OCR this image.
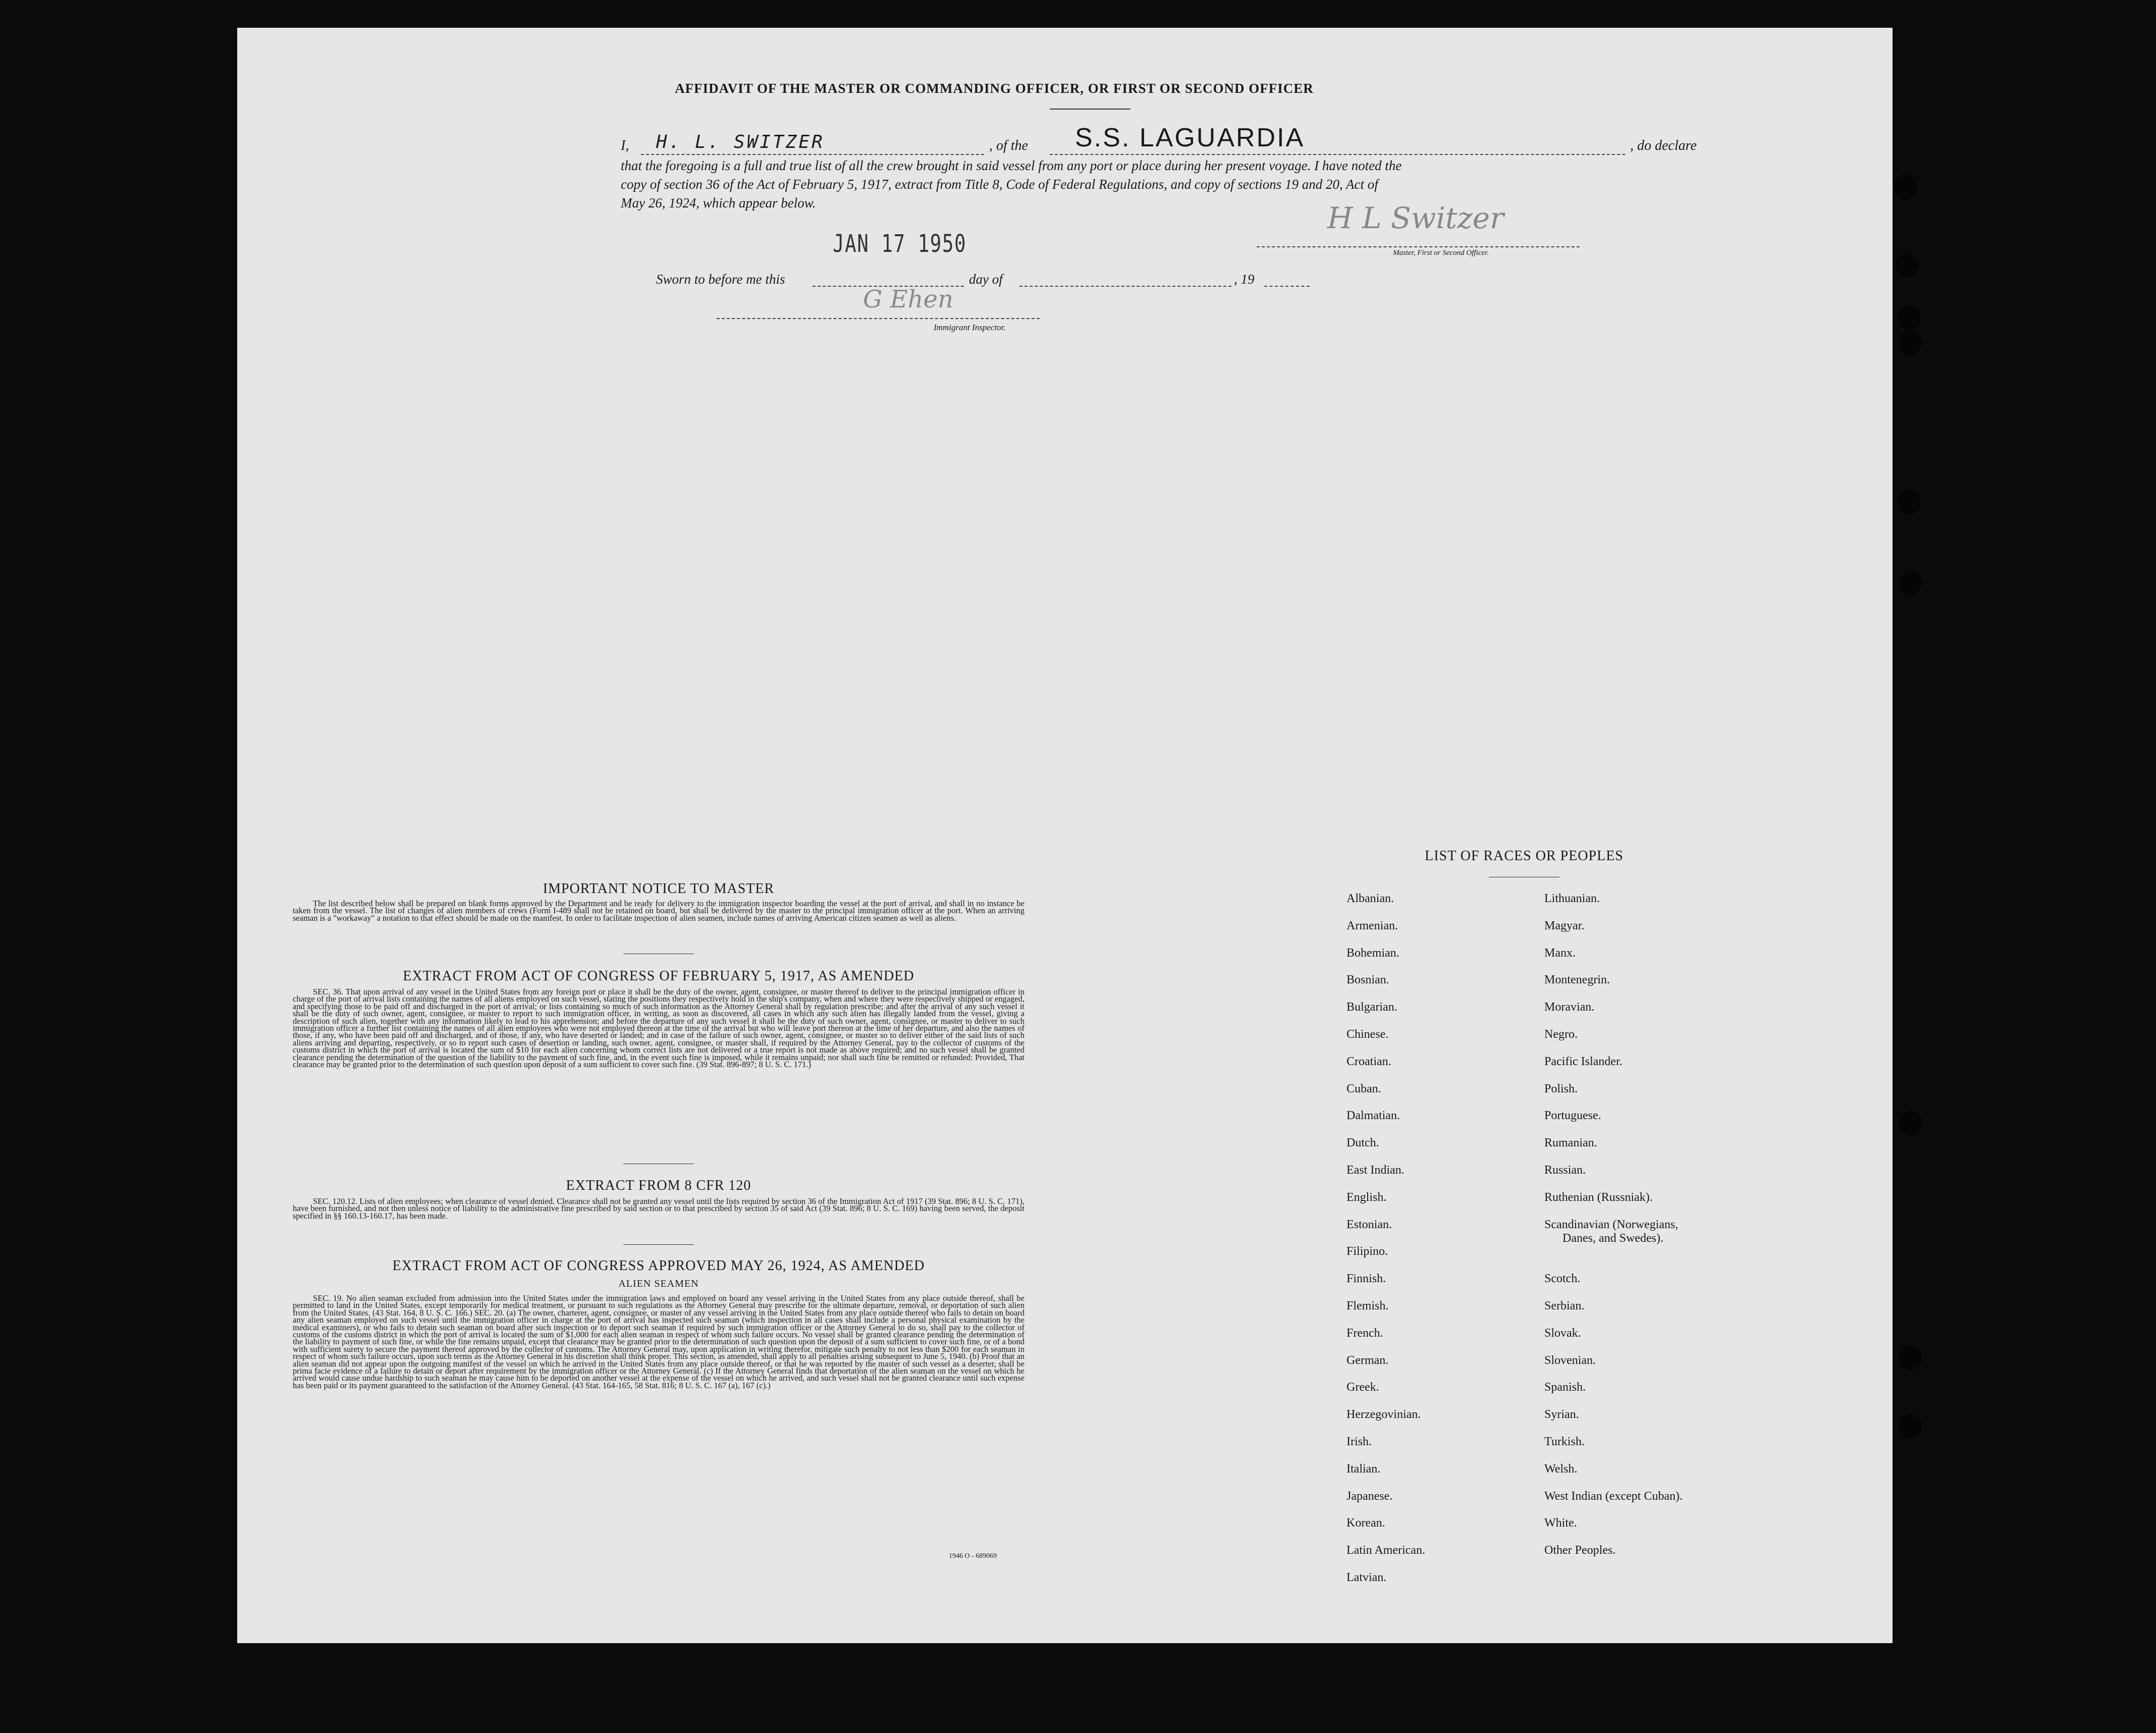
AFFIDAVIT OF THE MASTER OR COMMANDING OFFICER, OR FIRST OR SECOND OFFICER
I, H. L. SWITZER	, of the S.S. LAGUARDIA	, do declare
that the foregoing is a full and true list of all the crew brought in said vessel from any port or place during her present voyage. I have noted the
copy of section 36 of the Act of February 5, 1917, extract from Title 8, Code of Federal Regulations, and copy of sections 19 and 20, Act of
May 26, 1924, which appear below.
JAN 17 1950
H L Switzer
Master, First or Second Officer.
Sworn to before me this	day of	, 19
G Ehen
Immigrant Inspector.
IMPORTANT NOTICE TO MASTER
The list described below shall be prepared on blank forms approved by the Department and be ready for delivery to the immigration inspector boarding the vessel at the port of arrival, and shall in no instance be taken from the vessel. The list of changes of alien members of crews (Form I-489 shall not be retained on board, but shall be delivered by the master to the principal immigration officer at the port. When an arriving seaman is a "workaway" a notation to that effect should be made on the manifest. In order to facilitate inspection of alien seamen, include names of arriving American citizen seamen as well as aliens.
EXTRACT FROM ACT OF CONGRESS OF FEBRUARY 5, 1917, AS AMENDED
SEC. 36. That upon arrival of any vessel in the United States from any foreign port or place it shall be the duty of the owner, agent, consignee, or master thereof to deliver to the principal immigration officer in charge of the port of arrival lists containing the names of all aliens employed on such vessel, stating the positions they respectively hold in the ship's company, when and where they were respectively shipped or engaged, and specifying those to be paid off and discharged in the port of arrival; or lists containing so much of such information as the Attorney General shall by regulation prescribe; and after the arrival of any such vessel it shall be the duty of such owner, agent, consignee, or master to report to such immigration officer, in writing, as soon as discovered, all cases in which any such alien has illegally landed from the vessel, giving a description of such alien, together with any information likely to lead to his apprehension; and before the departure of any such vessel it shall be the duty of such owner, agent, consignee, or master to deliver to such immigration officer a further list containing the names of all alien employees who were not employed thereon at the time of the arrival but who will leave port thereon at the time of her departure, and also the names of those, if any, who have been paid off and discharged, and of those, if any, who have deserted or landed; and in case of the failure of such owner, agent, consignee, or master so to deliver either of the said lists of such aliens arriving and departing, respectively, or so to report such cases of desertion or landing, such owner, agent, consignee, or master shall, if required by the Attorney General, pay to the collector of customs of the customs district in which the port of arrival is located the sum of $10 for each alien concerning whom correct lists are not delivered or a true report is not made as above required; and no such vessel shall be granted clearance pending the determination of the question of the liability to the payment of such fine, and, in the event such fine is imposed, while it remains unpaid; nor shall such fine be remitted or refunded: Provided, That clearance may be granted prior to the determination of such question upon deposit of a sum sufficient to cover such fine. (39 Stat. 896-897; 8 U. S. C. 171.)
EXTRACT FROM 8 CFR 120
SEC. 120.12. Lists of alien employees; when clearance of vessel denied. Clearance shall not be granted any vessel until the lists required by section 36 of the Immigration Act of 1917 (39 Stat. 896; 8 U. S. C. 171), have been furnished, and not then unless notice of liability to the administrative fine prescribed by said section or to that prescribed by section 35 of said Act (39 Stat. 896; 8 U. S. C. 169) having been served, the deposit specified in §§ 160.13-160.17, has been made.
EXTRACT FROM ACT OF CONGRESS APPROVED MAY 26, 1924, AS AMENDED
ALIEN SEAMEN
SEC. 19. No alien seaman excluded from admission into the United States under the immigration laws and employed on board any vessel arriving in the United States from any place outside thereof, shall be permitted to land in the United States, except temporarily for medical treatment, or pursuant to such regulations as the Attorney General may prescribe for the ultimate departure, removal, or deportation of such alien from the United States. (43 Stat. 164, 8 U. S. C. 166.) SEC. 20. (a) The owner, charterer, agent, consignee, or master of any vessel arriving in the United States from any place outside thereof who fails to detain on board any alien seaman employed on such vessel until the immigration officer in charge at the port of arrival has inspected such seaman (which inspection in all cases shall include a personal physical examination by the medical examiners), or who fails to detain such seaman on board after such inspection or to deport such seaman if required by such immigration officer or the Attorney General to do so, shall pay to the collector of customs of the customs district in which the port of arrival is located the sum of $1,000 for each alien seaman in respect of whom such failure occurs. No vessel shall be granted clearance pending the determination of the liability to payment of such fine, or while the fine remains unpaid, except that clearance may be granted prior to the determination of such question upon the deposit of a sum sufficient to cover such fine, or of a bond with sufficient surety to secure the payment thereof approved by the collector of customs. The Attorney General may, upon application in writing therefor, mitigate such penalty to not less than $200 for each seaman in respect of whom such failure occurs, upon such terms as the Attorney General in his discretion shall think proper. This section, as amended, shall apply to all penalties arising subsequent to June 5, 1940. (b) Proof that an alien seaman did not appear upon the outgoing manifest of the vessel on which he arrived in the United States from any place outside thereof, or that he was reported by the master of such vessel as a deserter, shall be prima facie evidence of a failure to detain or deport after requirement by the immigration officer or the Attorney General. (c) If the Attorney General finds that deportation of the alien seaman on the vessel on which he arrived would cause undue hardship to such seaman he may cause him to be deported on another vessel at the expense of the vessel on which he arrived, and such vessel shall not be granted clearance until such expense has been paid or its payment guaranteed to the satisfaction of the Attorney General. (43 Stat. 164-165, 58 Stat. 816; 8 U. S. C. 167 (a), 167 (c).)
1946 O - 689069
LIST OF RACES OR PEOPLES
Albanian.
Armenian.
Bohemian.
Bosnian.
Bulgarian.
Chinese.
Croatian.
Cuban.
Dalmatian.
Dutch.
East Indian.
English.
Estonian.
Filipino.
Finnish.
Flemish.
French.
German.
Greek.
Herzegovinian.
Irish.
Italian.
Japanese.
Korean.
Latin American.
Latvian.
Lithuanian.
Magyar.
Manx.
Montenegrin.
Moravian.
Negro.
Pacific Islander.
Polish.
Portuguese.
Rumanian.
Russian.
Ruthenian (Russniak).
Scandinavian (Norwegians,
Danes, and Swedes).
Scotch.
Serbian.
Slovak.
Slovenian.
Spanish.
Syrian.
Turkish.
Welsh.
West Indian (except Cuban).
White.
Other Peoples.
